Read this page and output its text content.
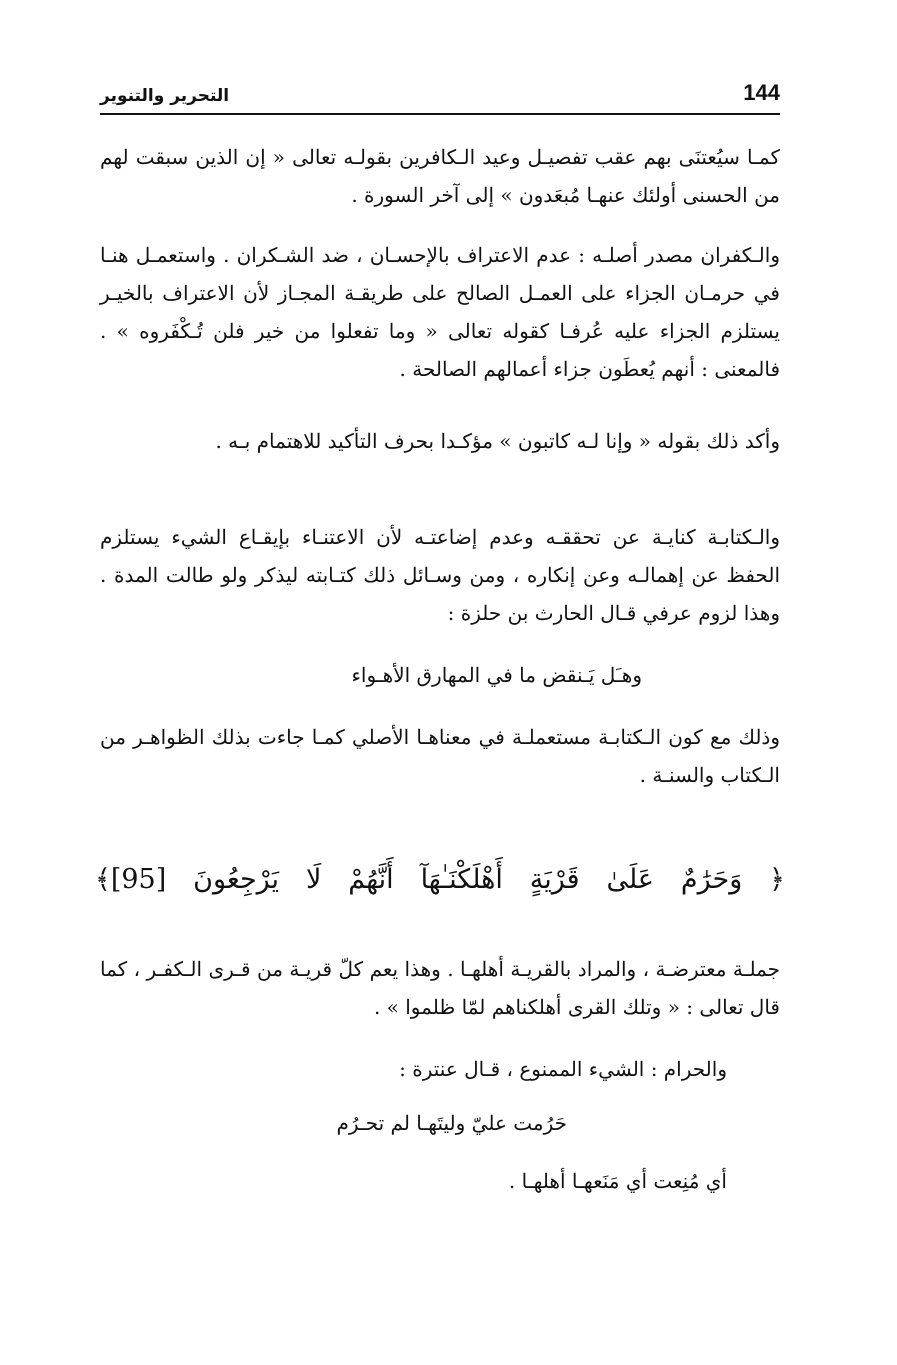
التحرير والتنوير	144

كمـا سيُعتنَى بهم عقب تفصيـل وعيد الـكافرين بقولـه تعالى « إن الذين سبقت لهم من الحسنى أولئك عنهـا مُبعَدون » إلى آخر السورة .

والـكفران مصدر أصلـه : عدم الاعتراف بالإحسـان ، ضد الشـكران . واستعمـل هنـا في حرمـان الجزاء على العمـل الصالح على طريقـة المجـاز لأن الاعتراف بالخيـر يستلزم الجزاء عليه عُرفـا كقوله تعالى « وما تفعلوا من خير فلن تُـكْفَروه » . فالمعنى : أنهم يُعطَون جزاء أعمالهم الصالحة .

وأكد ذلك بقوله « وإنا لـه كاتبون » مؤكـدا بحرف التأكيد للاهتمام بـه .

والـكتابـة كنايـة عن تحققـه وعدم إضاعتـه لأن الاعتنـاء بإيقـاع الشيء يستلزم الحفظ عن إهمالـه وعن إنكاره ، ومن وسـائل ذلك كتـابته ليذكر ولو طالت المدة . وهذا لزوم عرفي قـال الحارث بن حلزة :

وهـَل يَـنقض ما في المهارق الأهـواء

وذلك مع كون الـكتابـة مستعملـة في معناهـا الأصلي كمـا جاءت بذلك الظواهـر من الـكتاب والسنـة .

﴿ وَحَرَٰمٌ عَلَىٰ قَرْيَةٍ أَهْلَكْنَـٰهَآ أَنَّهُمْ لَا يَرْجِعُونَ [95]﴾

جملـة معترضـة ، والمراد بالقريـة أهلهـا . وهذا يعم كلّ قريـة من قـرى الـكفـر ، كما قال تعالى : « وتلك القرى أهلكناهم لمّا ظلموا » .

والحرام : الشيء الممنوع ، قـال عنترة :
حَرُمت عليّ وليتَهـا لم تحـرُم
أي مُنِعت أي مَنَعهـا أهلهـا .
